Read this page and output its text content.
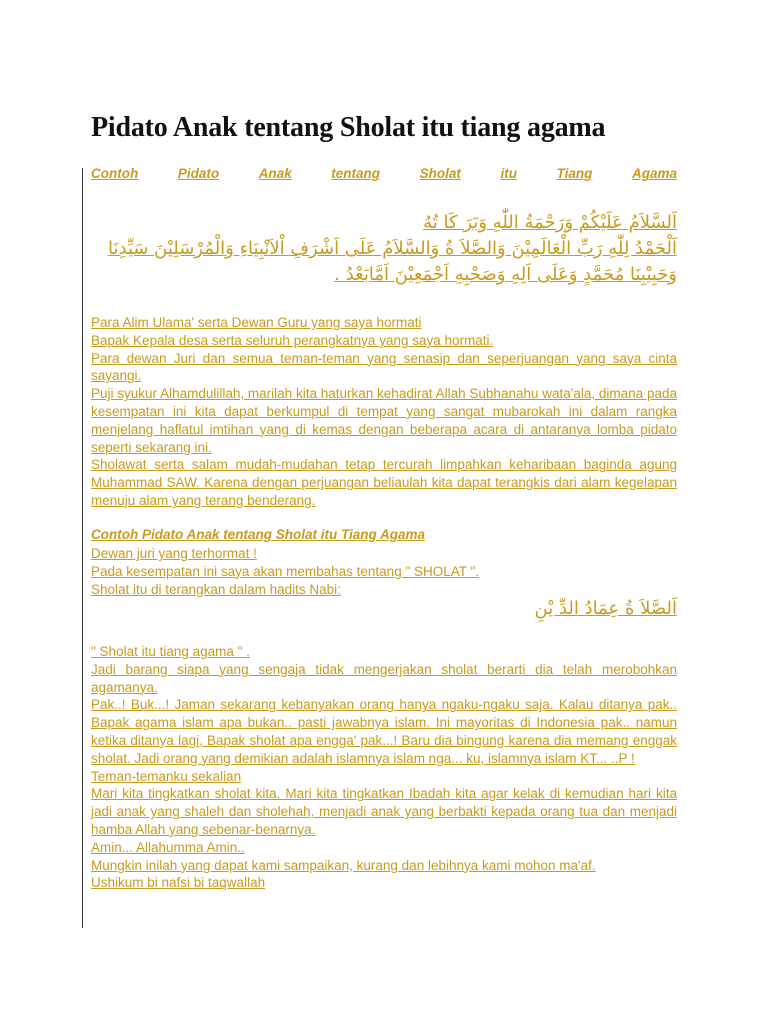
Pidato Anak tentang Sholat itu tiang agama
Contoh	Pidato	Anak	tentang	Sholat	itu	Tiang	Agama
اَلسَّلاَمُ عَلَيْكُمْ وَرَحْمَةُ اللّٰهِ وَبَرَ كَا تُهُ
اَلْحَمْدُ لِلّٰهِ رَبِّ الْعَالَمِيْنَ وَالصَّلاَ ةُ وَالسَّلاَمُ عَلَى اَشْرَفِ اْلاَنْبِيَاءِ وَالْمُرْسَلِيْنَ سَيِّدِنَا
وَحَبِيْبِنَا مُحَمَّدٍ وَعَلَى اَلِهِ وَصَحْبِهِ اَجْمَعِيْنَ اَمَّابَعْدُ .

Para Alim Ulama' serta Dewan Guru yang saya hormati

Bapak Kepala desa serta seluruh perangkatnya yang saya hormati.

Para dewan Juri dan semua teman-teman yang senasip dan seperjuangan yang saya cinta sayangi.

Puji syukur Alhamdulillah, marilah kita haturkan kehadirat Allah Subhanahu wata'ala, dimana pada kesempatan ini kita dapat berkumpul di tempat yang sangat mubarokah ini dalam rangka menjelang haflatul imtihan yang di kemas dengan beberapa acara di antaranya lomba pidato seperti sekarang ini.

Sholawat serta salam mudah-mudahan tetap tercurah limpahkan keharibaan baginda agung Muhammad SAW. Karena dengan perjuangan beliaulah kita dapat terangkis dari alam kegelapan menuju alam yang terang benderang.

Contoh Pidato Anak tentang Sholat itu Tiang Agama

Dewan juri yang terhormat !

Pada kesempatan ini saya akan membahas tentang " SHOLAT ".

Sholat itu di terangkan dalam hadits Nabi:

اَلصَّلاَ ةُ عِمَادُ الدِّ يْنِ

" Sholat itu tiang agama " .

Jadi barang siapa yang sengaja tidak mengerjakan sholat berarti dia telah merobohkan agamanya.

Pak..! Buk...! Jaman sekarang kebanyakan orang hanya ngaku-ngaku saja. Kalau ditanya pak.. Bapak agama islam apa bukan.. pasti jawabnya islam. Ini mayoritas di Indonesia pak.. namun ketika ditanya lagi, Bapak sholat apa engga' pak...! Baru dia bingung karena dia memang enggak sholat. Jadi orang yang demikian adalah islamnya islam nga... ku, islamnya islam KT... ..P !

Teman-temanku sekalian

Mari kita tingkatkan sholat kita. Mari kita tingkatkan Ibadah kita agar kelak di kemudian hari kita jadi anak yang shaleh dan sholehah, menjadi anak yang berbakti kepada orang tua dan menjadi hamba Allah yang sebenar-benarnya.

Amin... Allahumma Amin..

Mungkin inilah yang dapat kami sampaikan, kurang dan lebihnya kami mohon ma'af.

Ushikum bi nafsi bi taqwallah
